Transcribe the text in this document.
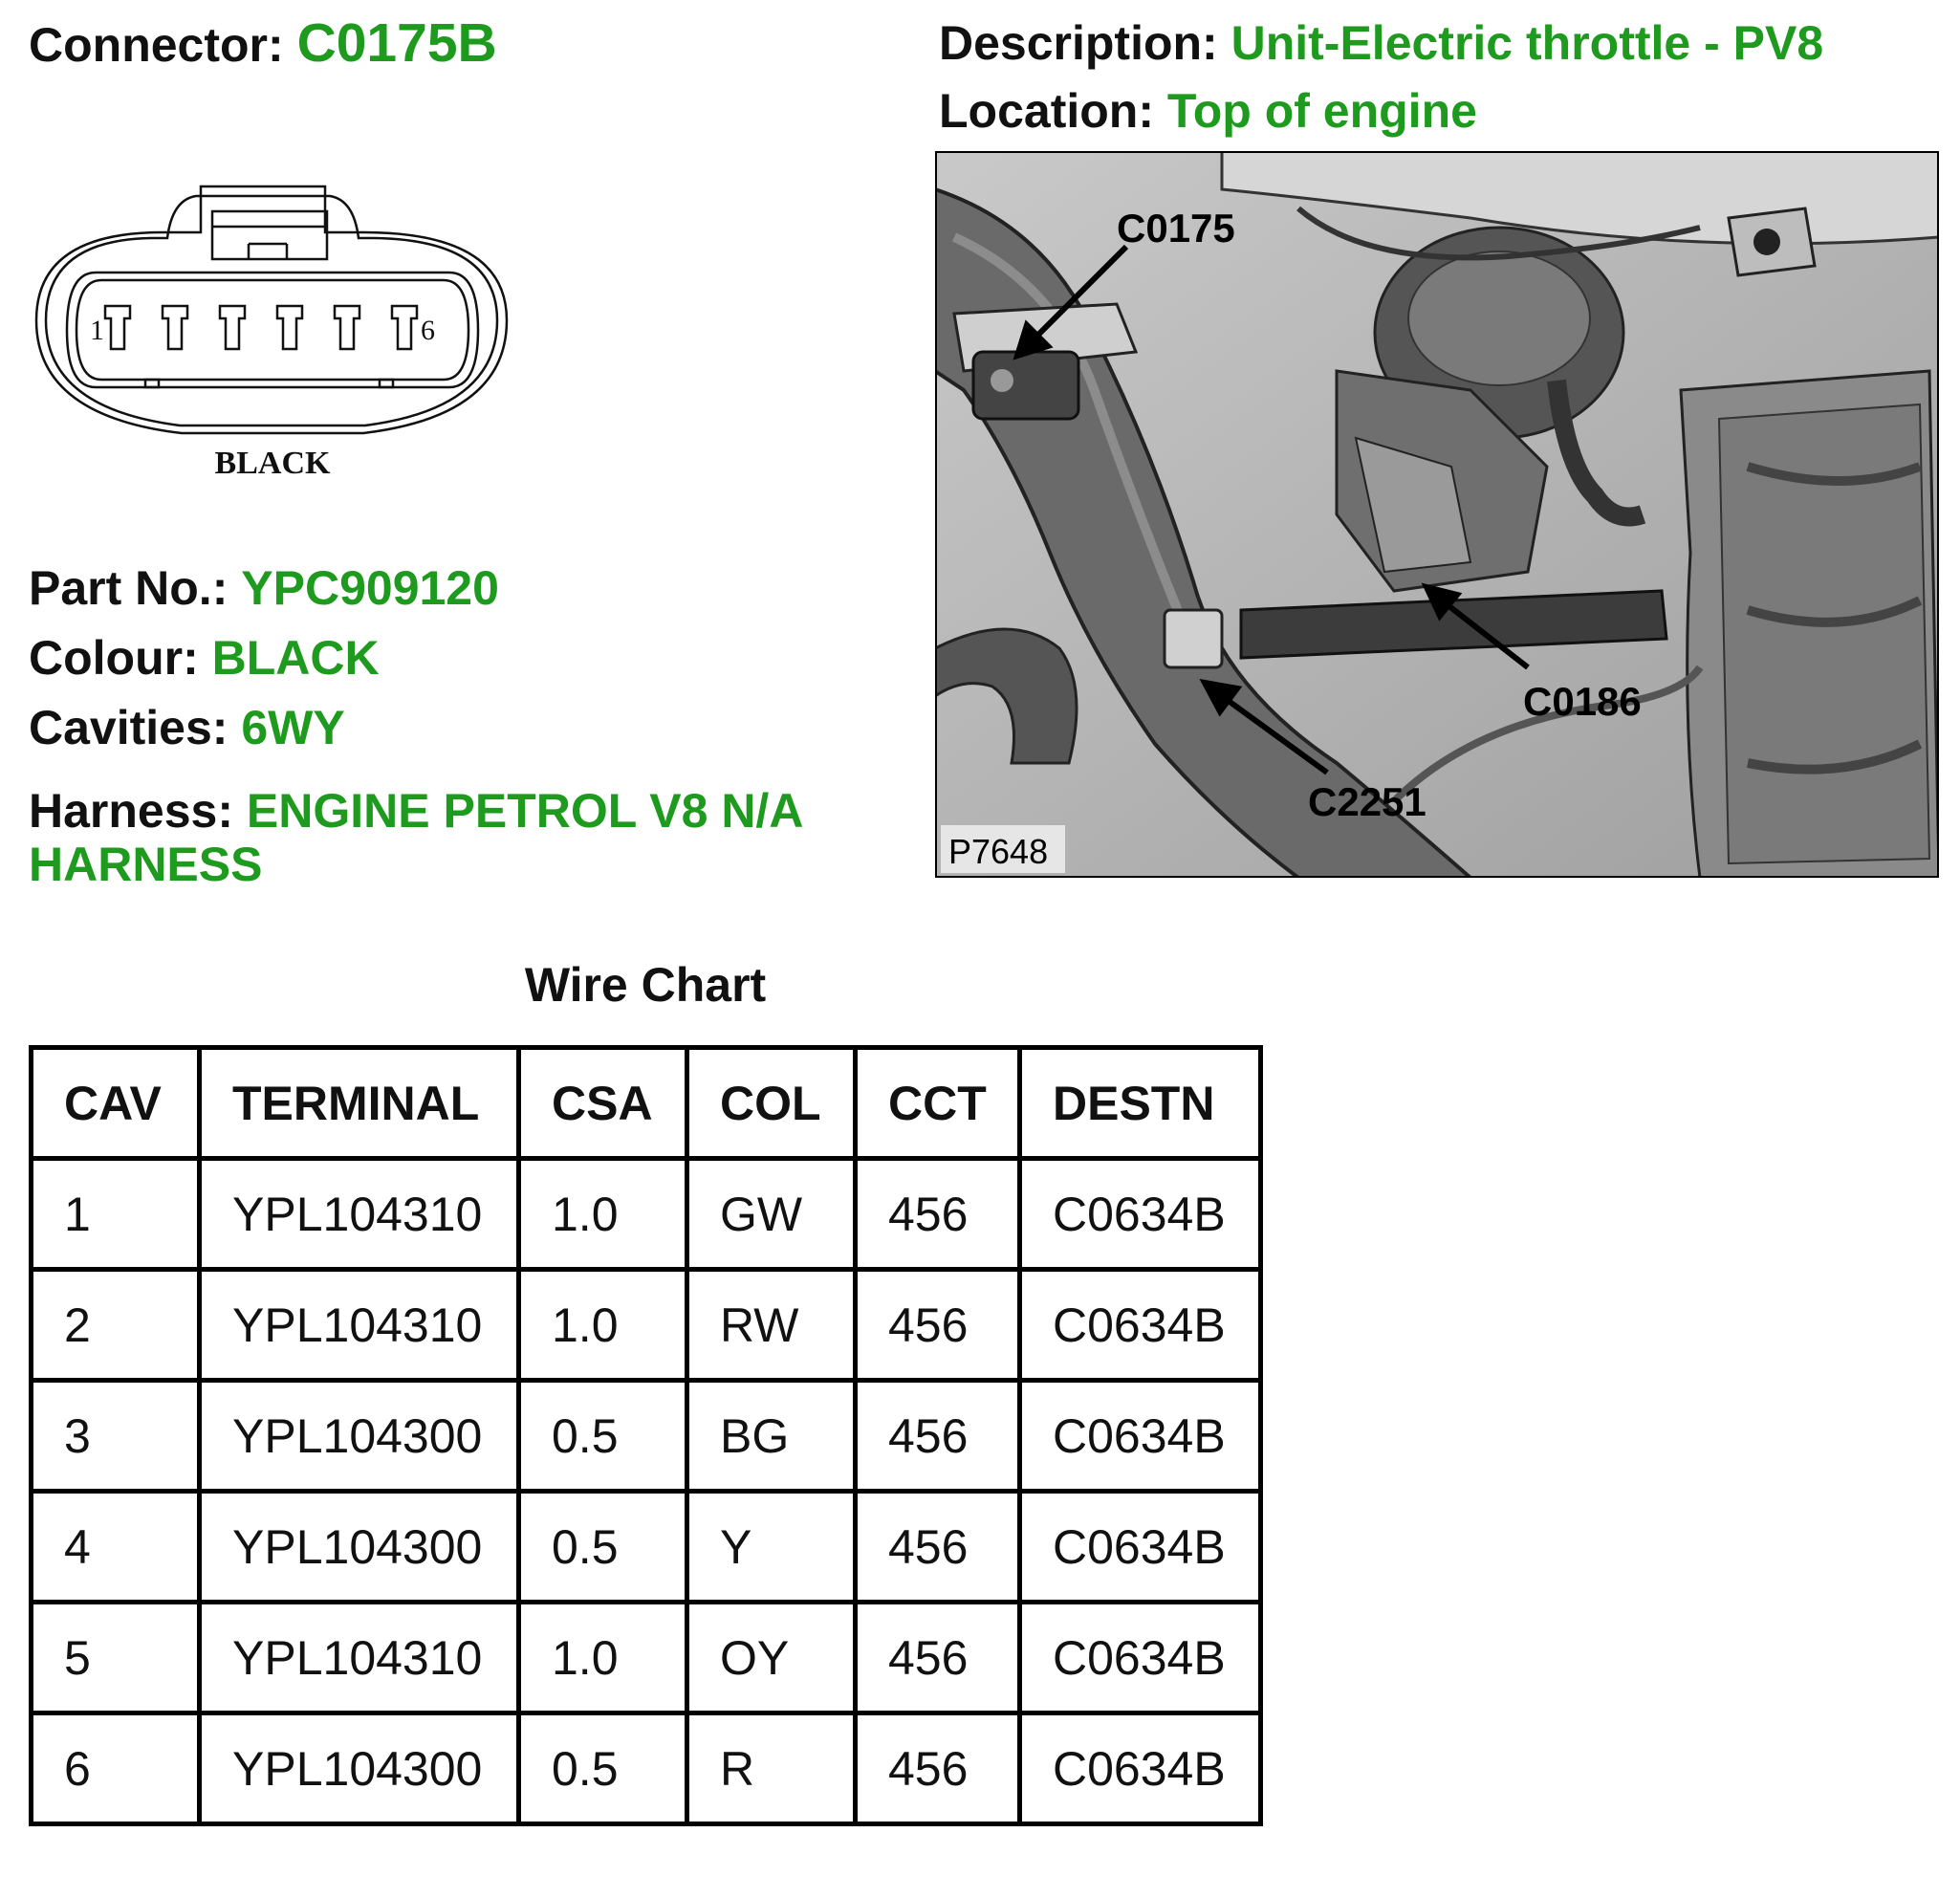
Connector: C0175B	Description: Unit-Electric throttle - PV8
Location: Top of engine
1	6
BLACK
C0175
C0186
C2251
P7648
Part No.: YPC909120
Colour: BLACK
Cavities: 6WY
Harness: ENGINE PETROL V8 N/A HARNESS
Wire Chart
CAV	TERMINAL	CSA	COL	CCT	DESTN
1	YPL104310	1.0	GW	456	C0634B
2	YPL104310	1.0	RW	456	C0634B
3	YPL104300	0.5	BG	456	C0634B
4	YPL104300	0.5	Y	456	C0634B
5	YPL104310	1.0	OY	456	C0634B
6	YPL104300	0.5	R	456	C0634B
